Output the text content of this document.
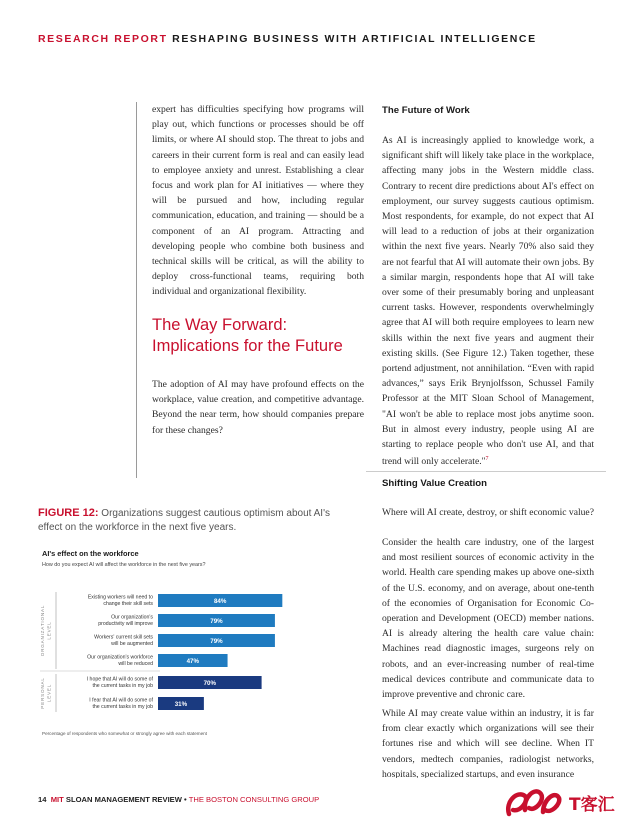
RESEARCH REPORT RESHAPING BUSINESS WITH ARTIFICIAL INTELLIGENCE
expert has difficulties specifying how programs will play out, which functions or processes should be off limits, or where AI should stop. The threat to jobs and careers in their current form is real and can easily lead to employee anxiety and unrest. Establishing a clear focus and work plan for AI initiatives — where they will be pursued and how, including regular communication, education, and training — should be a component of an AI program. Attracting and developing people who combine both business and technical skills will be critical, as will the ability to deploy cross-functional teams, requiring both individual and organizational flexibility.
The Way Forward: Implications for the Future
The adoption of AI may have profound effects on the workplace, value creation, and competitive advantage. Beyond the near term, how should companies prepare for these changes?
The Future of Work
As AI is increasingly applied to knowledge work, a significant shift will likely take place in the workplace, affecting many jobs in the Western middle class. Contrary to recent dire predictions about AI's effect on employment, our survey suggests cautious optimism. Most respondents, for example, do not expect that AI will lead to a reduction of jobs at their organization within the next five years. Nearly 70% also said they are not fearful that AI will automate their own jobs. By a similar margin, respondents hope that AI will take over some of their presumably boring and unpleasant current tasks. However, respondents overwhelmingly agree that AI will both require employees to learn new skills within the next five years and augment their existing skills. (See Figure 12.) Taken together, these portend adjustment, not annihilation. “Even with rapid advances,” says Erik Brynjolfsson, Schussel Family Professor at the MIT Sloan School of Management, "AI won't be able to replace most jobs anytime soon. But in almost every industry, people using AI are starting to replace people who don't use AI, and that trend will only accelerate."$^7$
Shifting Value Creation
Where will AI create, destroy, or shift economic value?
Consider the health care industry, one of the largest and most resilient sources of economic activity in the world. Health care spending makes up above one-sixth of the U.S. economy, and on average, about one-tenth of the economies of Organisation for Economic Co-operation and Development (OECD) member nations. AI is already altering the health care value chain: Machines read diagnostic images, surgeons rely on robots, and an ever-increasing number of real-time medical devices contribute and communicate data to improve preventive and chronic care.
While AI may create value within an industry, it is far from clear exactly which organizations will see their fortunes rise and which will see decline. When IT vendors, medtech companies, radiologist networks, hospitals, specialized startups, and even insurance
FIGURE 12: Organizations suggest cautious optimism about AI's effect on the workforce in the next five years.
AI's effect on the workforce
How do you expect AI will affect the workforce in the next five years?
ORGANIZATIONAL LEVEL
PERSONAL LEVEL
84%
Existing workers will need to
change their skill sets
79%
Our organization's
productivity will improve
79%
Workers' current skill sets
will be augmented
47%
Our organization's workforce
will be reduced
70%
I hope that AI will do some of
the current tasks in my job
31%
I fear that AI will do some of
the current tasks in my job
Percentage of respondents who somewhat or strongly agree with each statement
14 MIT SLOAN MANAGEMENT REVIEW • THE BOSTON CONSULTING GROUP	T客汇
